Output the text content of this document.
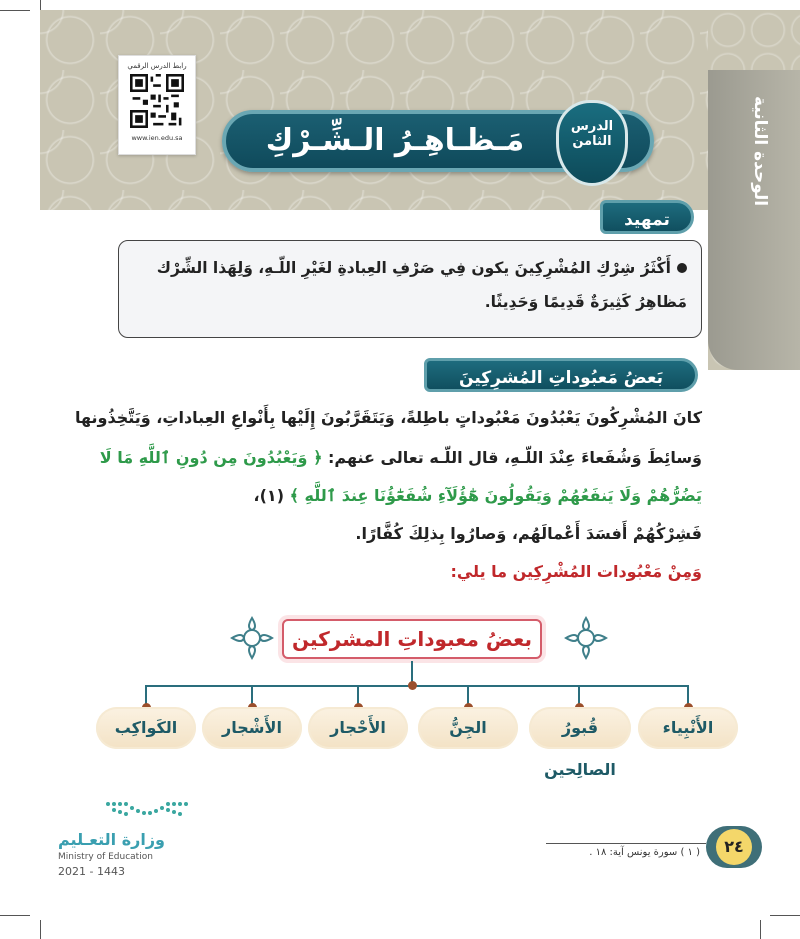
الوحدة الثانية
رابط الدرس الرقمي
www.ien.edu.sa	مَـظـاهِـرُ الـشِّـرْكِ	الدرس
الثامن
تمهيد
أَكْثَرُ شِرْكِ المُشْرِكِينَ يكون فِي صَرْفِ العِبادةِ لغَيْرِ اللّـهِ، وَلِهَذا الشِّرْك
مَظاهِرُ كَثِيرَةٌ قَدِيمًا وَحَدِيثًا.
بَعضُ مَعبُوداتِ المُشرِكِينَ
كانَ المُشْرِكُونَ يَعْبُدُونَ مَعْبُوداتٍ باطِلةً، وَيَتَقَرَّبُونَ إِلَيْها بِأَنْواعِ العِباداتِ، وَيَتَّخِذُونها
وَسائِطَ وَشُفَعاءَ عِنْدَ اللّـهِ، قال اللّـه تعالى عنهم: ﴿ وَيَعْبُدُونَ مِن دُونِ ٱللَّهِ مَا لَا
يَضُرُّهُمْ وَلَا يَنفَعُهُمْ وَيَقُولُونَ هَٰٓؤُلَآءِ شُفَعَٰٓؤُنَا عِندَ ٱللَّهِ ﴾ (١)،
فَشِرْكُهُمْ أَفسَدَ أَعْمالَهُم، وَصارُوا بِذلِكَ كُفَّارًا.
وَمِنْ مَعْبُودات المُشْرِكِين ما يلي:
بعضُ معبوداتِ المشركين
الأَنْبِياء
قُبورُ الصالِحين
الجِنُّ
الأَحْجار
الأَشْجار
الكَواكِب
وزارة التعـليم
Ministry of Education
2021 - 1443
( ١ ) سورة يونس آية: ١٨ .	٢٤
